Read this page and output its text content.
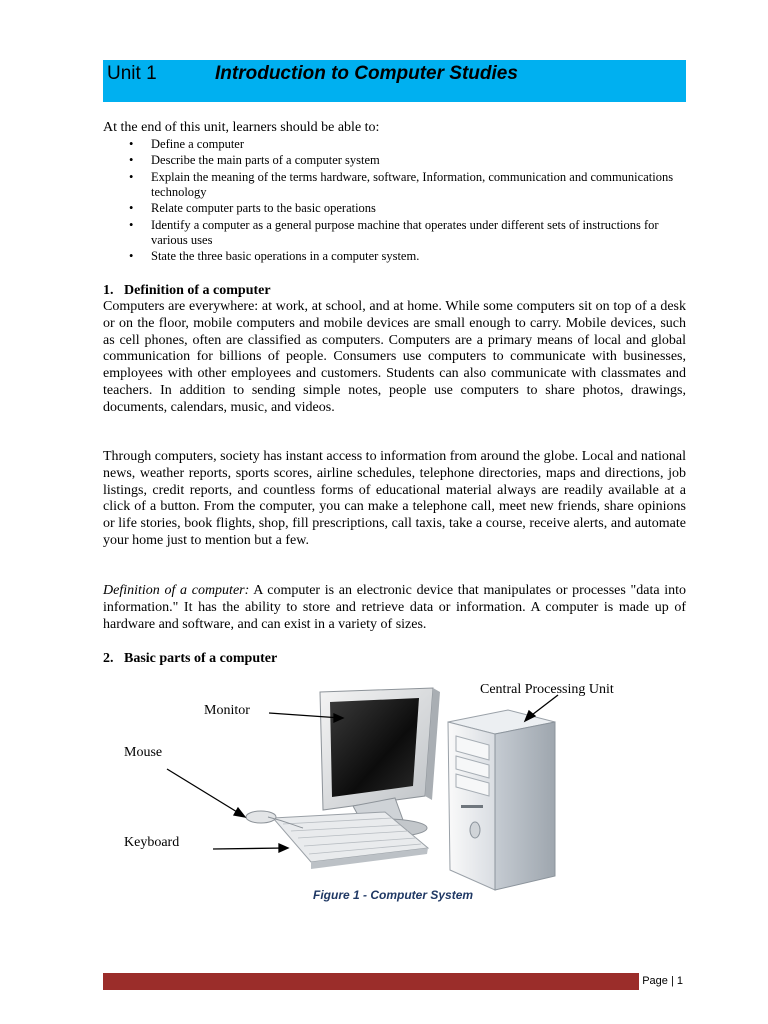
Unit 1	Introduction to Computer Studies
At the end of this unit, learners should be able to:
• Define a computer
• Describe the main parts of a computer system
• Explain the meaning of the terms hardware, software, Information, communication and communications technology
• Relate computer parts to the basic operations
• Identify a computer as a general purpose machine that operates under different sets of instructions for various uses
• State the three basic operations in a computer system.
1.   Definition of a computer

Computers are everywhere: at work, at school, and at home. While some computers sit on top of a desk or on the floor, mobile computers and mobile devices are small enough to carry. Mobile devices, such as cell phones, often are classified as computers. Computers are a primary means of local and global communication for billions of people. Consumers use computers to communicate with businesses, employees with other employees and customers. Students can also communicate with classmates and teachers. In addition to sending simple notes, people use computers to share photos, drawings, documents, calendars, music, and videos.

Through computers, society has instant access to information from around the globe. Local and national news, weather reports, sports scores, airline schedules, telephone directories, maps and directions, job listings, credit reports, and countless forms of educational material always are readily available at a click of a button. From the computer, you can make a telephone call, meet new friends, share opinions or life stories, book flights, shop, fill prescriptions, call taxis, take a course, receive alerts, and automate your home just to mention but a few.

Definition of a computer: A computer is an electronic device that manipulates or processes "data into information." It has the ability to store and retrieve data or information. A computer is made up of hardware and software, and can exist in a variety of sizes.

2.   Basic parts of a computer
Monitor
Mouse
Keyboard
Central Processing Unit
Figure 1 - Computer System
Page | 1
